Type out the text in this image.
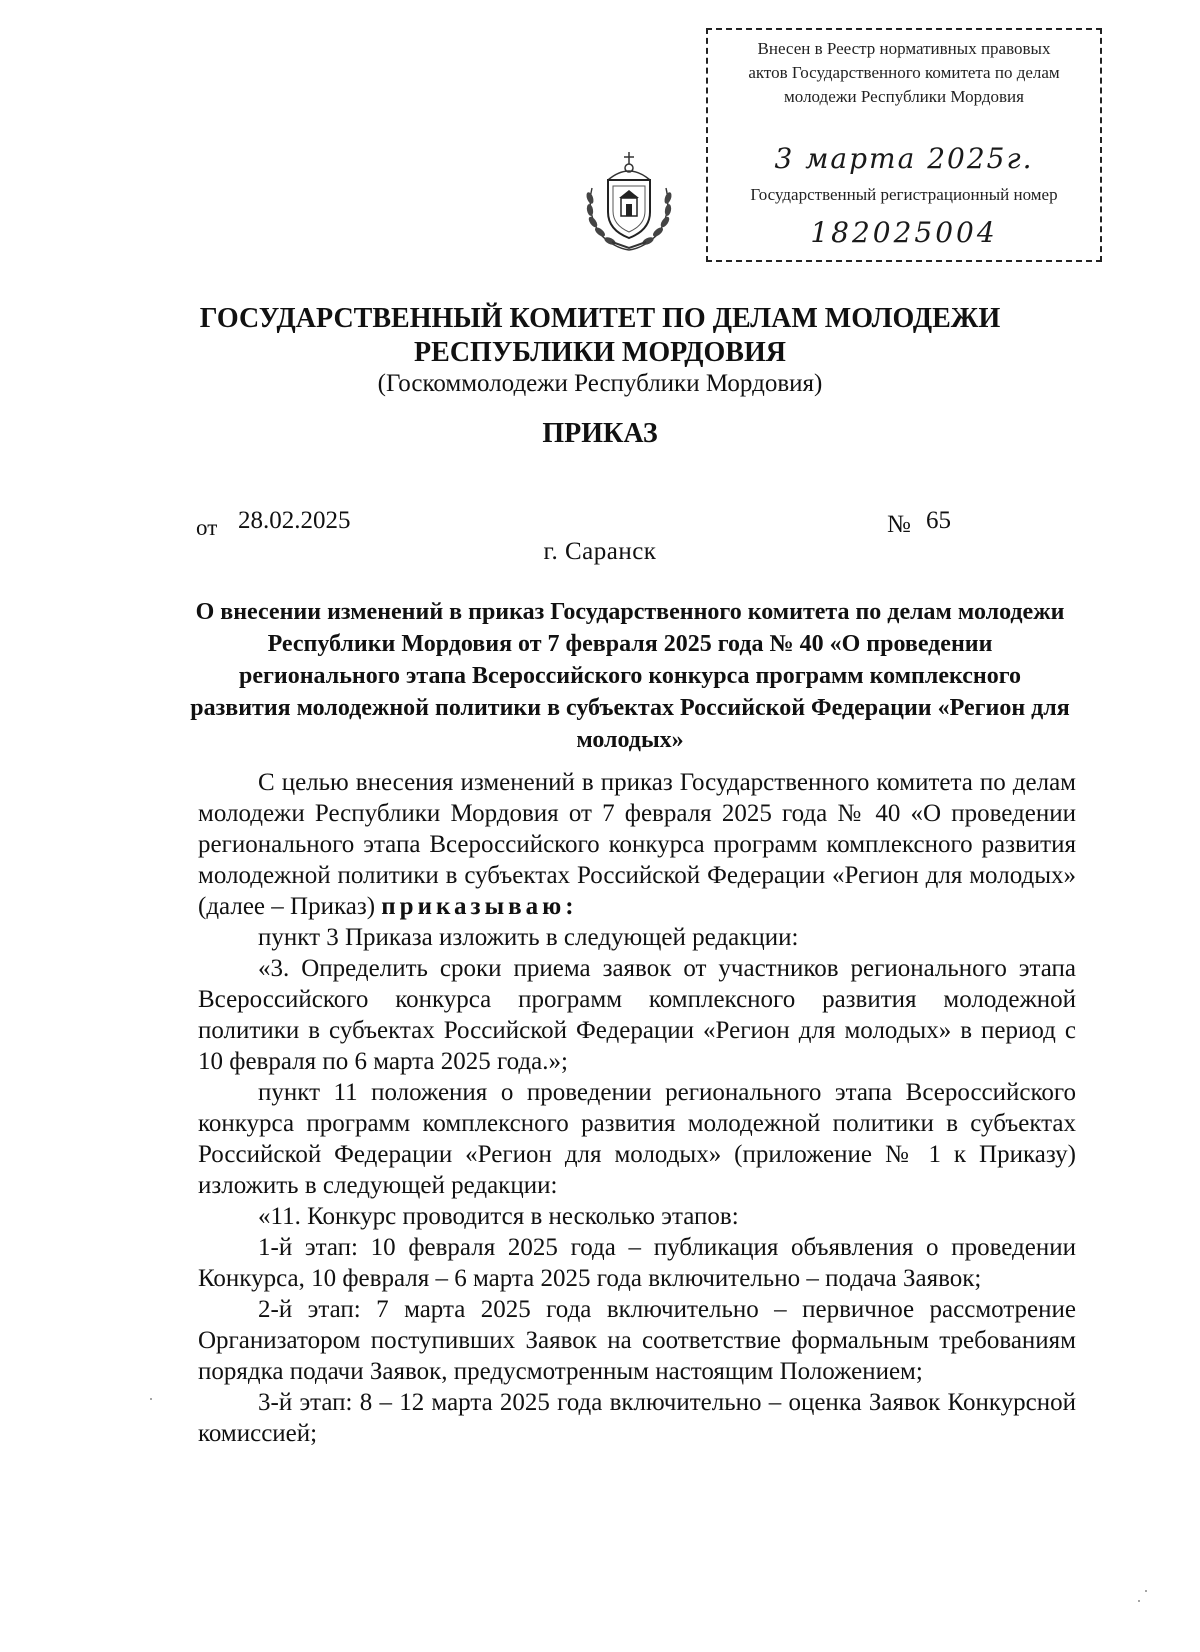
Внесен в Реестр нормативных правовых
актов Государственного комитета по делам
молодежи Республики Мордовия
3 марта 2025г.
Государственный регистрационный номер
182025004
ГОСУДАРСТВЕННЫЙ КОМИТЕТ ПО ДЕЛАМ МОЛОДЕЖИ
РЕСПУБЛИКИ МОРДОВИЯ
(Госкоммолодежи Республики Мордовия)
ПРИКАЗ
от 28.02.2025	№ 65
г. Саранск
О внесении изменений в приказ Государственного комитета по делам молодежи Республики Мордовия от 7 февраля 2025 года № 40 «О проведении регионального этапа Всероссийского конкурса программ комплексного развития молодежной политики в субъектах Российской Федерации «Регион для молодых»

С целью внесения изменений в приказ Государственного комитета по делам молодежи Республики Мордовия от 7 февраля 2025 года № 40 «О проведении регионального этапа Всероссийского конкурса программ комплексного развития молодежной политики в субъектах Российской Федерации «Регион для молодых» (далее – Приказ) приказываю:

пункт 3 Приказа изложить в следующей редакции:

«3. Определить сроки приема заявок от участников регионального этапа Всероссийского конкурса программ комплексного развития молодежной политики в субъектах Российской Федерации «Регион для молодых» в период с 10 февраля по 6 марта 2025 года.»;

пункт 11 положения о проведении регионального этапа Всероссийского конкурса программ комплексного развития молодежной политики в субъектах Российской Федерации «Регион для молодых» (приложение № 1 к Приказу) изложить в следующей редакции:

«11. Конкурс проводится в несколько этапов:

1-й этап: 10 февраля 2025 года – публикация объявления о проведении Конкурса, 10 февраля – 6 марта 2025 года включительно – подача Заявок;

2-й этап: 7 марта 2025 года включительно – первичное рассмотрение Организатором поступивших Заявок на соответствие формальным требованиям порядка подачи Заявок, предусмотренным настоящим Положением;

3-й этап: 8 – 12 марта 2025 года включительно – оценка Заявок Конкурсной комиссией;
